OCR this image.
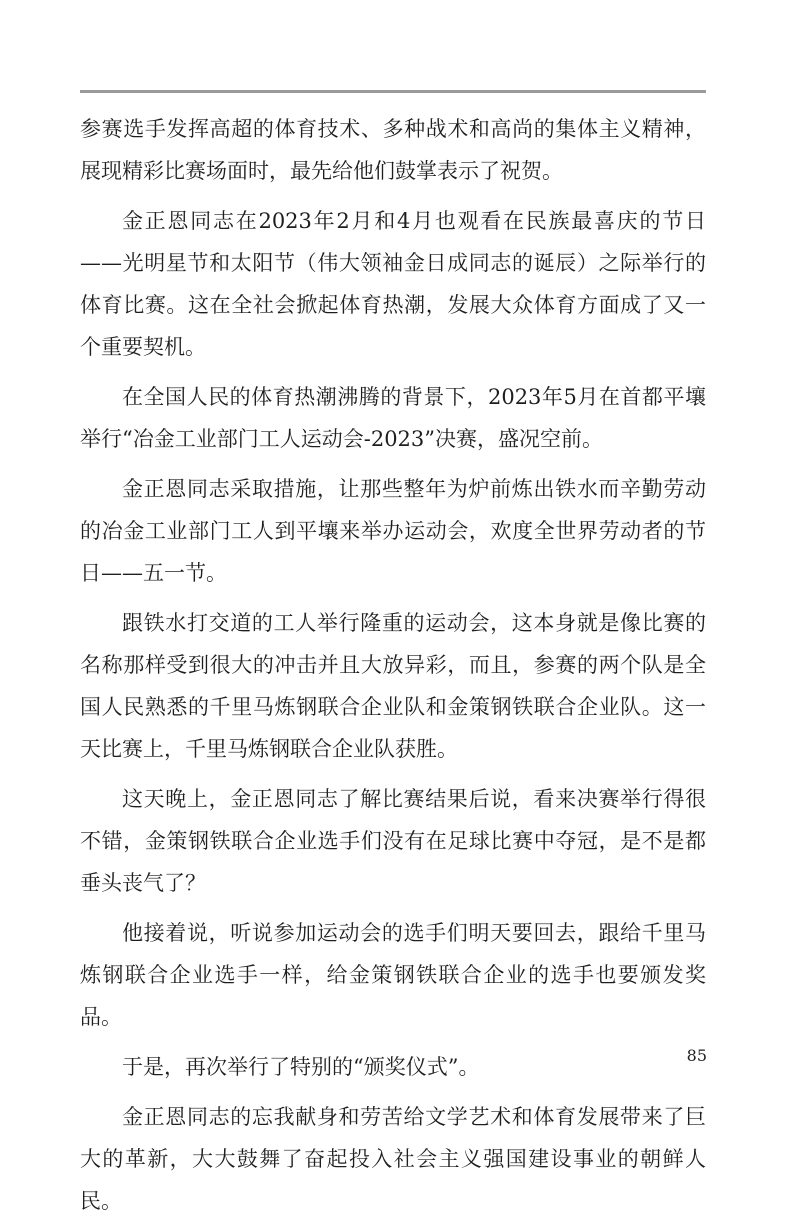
参赛选手发挥高超的体育技术、多种战术和高尚的集体主义精神，展现精彩比赛场面时，最先给他们鼓掌表示了祝贺。

金正恩同志在2023年2月和4月也观看在民族最喜庆的节日——光明星节和太阳节（伟大领袖金日成同志的诞辰）之际举行的体育比赛。这在全社会掀起体育热潮，发展大众体育方面成了又一个重要契机。

在全国人民的体育热潮沸腾的背景下，2023年5月在首都平壤举行“冶金工业部门工人运动会-2023”决赛，盛况空前。

金正恩同志采取措施，让那些整年为炉前炼出铁水而辛勤劳动的冶金工业部门工人到平壤来举办运动会，欢度全世界劳动者的节日——五一节。

跟铁水打交道的工人举行隆重的运动会，这本身就是像比赛的名称那样受到很大的冲击并且大放异彩，而且，参赛的两个队是全国人民熟悉的千里马炼钢联合企业队和金策钢铁联合企业队。这一天比赛上，千里马炼钢联合企业队获胜。

这天晚上，金正恩同志了解比赛结果后说，看来决赛举行得很不错，金策钢铁联合企业选手们没有在足球比赛中夺冠，是不是都垂头丧气了？

他接着说，听说参加运动会的选手们明天要回去，跟给千里马炼钢联合企业选手一样，给金策钢铁联合企业的选手也要颁发奖品。

于是，再次举行了特别的“颁奖仪式”。

金正恩同志的忘我献身和劳苦给文学艺术和体育发展带来了巨大的革新，大大鼓舞了奋起投入社会主义强国建设事业的朝鲜人民。

85
